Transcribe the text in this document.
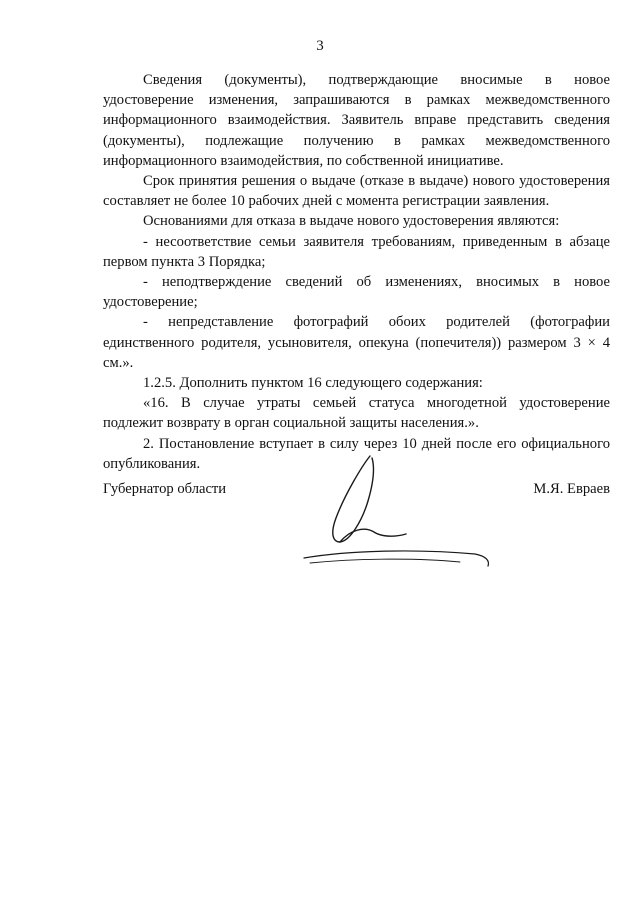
3

Сведения (документы), подтверждающие вносимые в новое удостоверение изменения, запрашиваются в рамках межведомственного информационного взаимодействия. Заявитель вправе представить сведения (документы), подлежащие получению в рамках межведомственного информационного взаимодействия, по собственной инициативе.

Срок принятия решения о выдаче (отказе в выдаче) нового удостоверения составляет не более 10 рабочих дней с момента регистрации заявления.

Основаниями для отказа в выдаче нового удостоверения являются:

- несоответствие семьи заявителя требованиям, приведенным в абзаце первом пункта 3 Порядка;

- неподтверждение сведений об изменениях, вносимых в новое удостоверение;

- непредставление фотографий обоих родителей (фотографии единственного родителя, усыновителя, опекуна (попечителя)) размером 3 × 4 см.».

1.2.5. Дополнить пунктом 16 следующего содержания:

«16. В случае утраты семьей статуса многодетной удостоверение подлежит возврату в орган социальной защиты населения.».

2. Постановление вступает в силу через 10 дней после его официального опубликования.

Губернатор области	М.Я. Евраев
